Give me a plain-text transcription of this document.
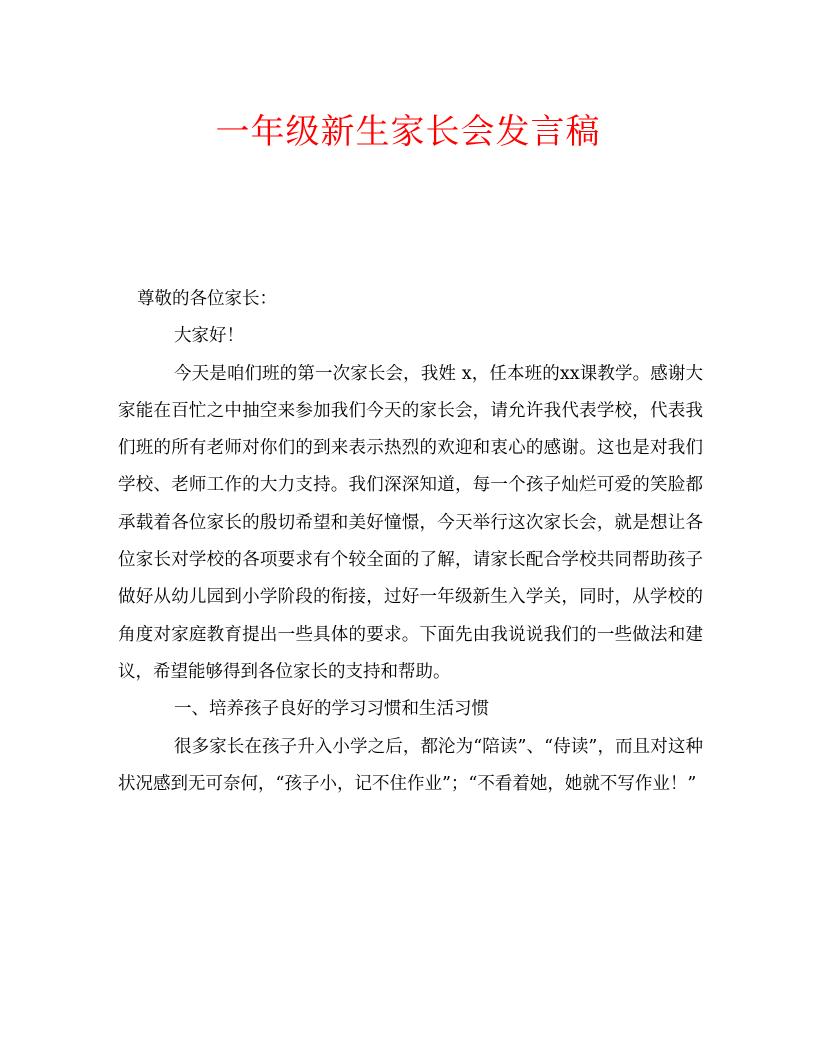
一年级新生家长会发言稿

尊敬的各位家长：

大家好！

今天是咱们班的第一次家长会，我姓 x，任本班的xx课教学。感谢大家能在百忙之中抽空来参加我们今天的家长会，请允许我代表学校，代表我们班的所有老师对你们的到来表示热烈的欢迎和衷心的感谢。这也是对我们学校、老师工作的大力支持。我们深深知道，每一个孩子灿烂可爱的笑脸都承载着各位家长的殷切希望和美好憧憬，今天举行这次家长会，就是想让各位家长对学校的各项要求有个较全面的了解，请家长配合学校共同帮助孩子做好从幼儿园到小学阶段的衔接，过好一年级新生入学关，同时，从学校的角度对家庭教育提出一些具体的要求。下面先由我说说我们的一些做法和建议，希望能够得到各位家长的支持和帮助。

一、培养孩子良好的学习习惯和生活习惯

很多家长在孩子升入小学之后，都沦为“陪读”、“侍读”，而且对这种状况感到无可奈何，“孩子小，记不住作业”；“不看着她，她就不写作业！”
